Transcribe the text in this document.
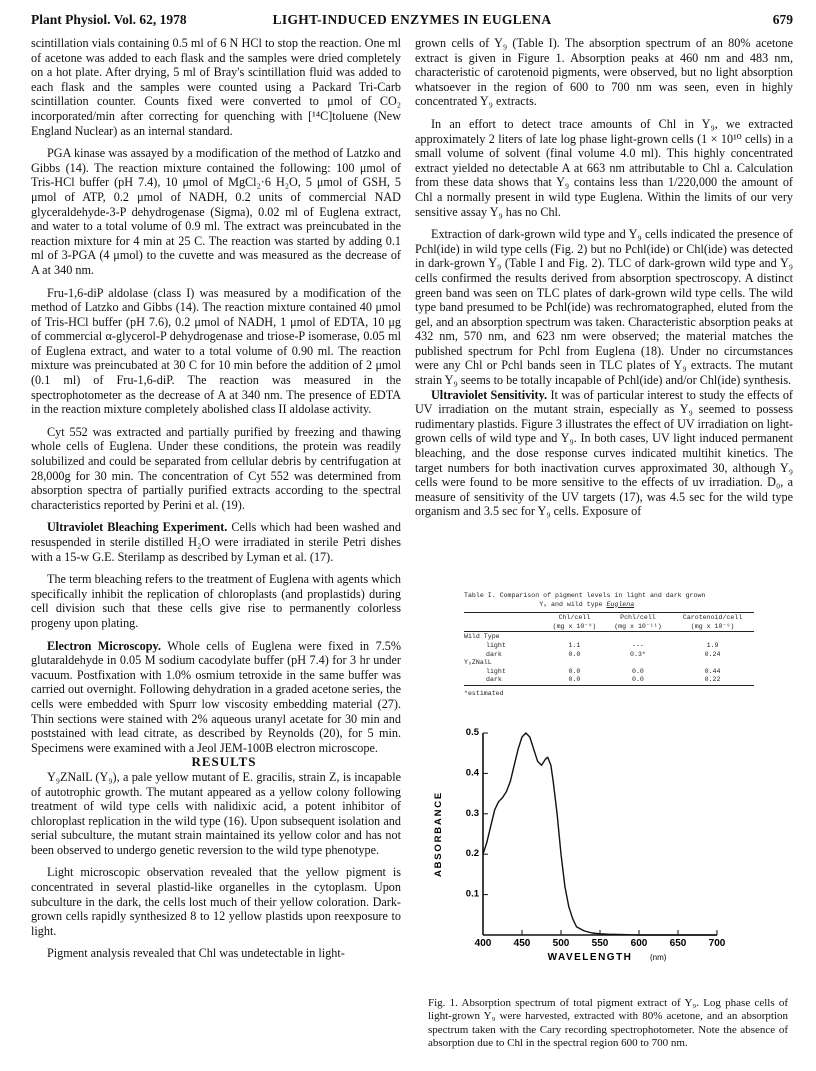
Plant Physiol. Vol. 62, 1978	LIGHT-INDUCED ENZYMES IN EUGLENA	679

scintillation vials containing 0.5 ml of 6 N HCl to stop the reaction. One ml of acetone was added to each flask and the samples were dried completely on a hot plate. After drying, 5 ml of Bray's scintillation fluid was added to each flask and the samples were counted using a Packard Tri-Carb scintillation counter. Counts fixed were converted to μmol of CO₂ incorporated/min after correcting for quenching with [¹⁴C]toluene (New England Nuclear) as an internal standard.

PGA kinase was assayed by a modification of the method of Latzko and Gibbs (14). The reaction mixture contained the following: 100 μmol of Tris-HCl buffer (pH 7.4), 10 μmol of MgCl₂·6 H₂O, 5 μmol of GSH, 5 μmol of ATP, 0.2 μmol of NADH, 0.2 units of commercial NAD glyceraldehyde-3-P dehydrogenase (Sigma), 0.02 ml of Euglena extract, and water to a total volume of 0.9 ml. The extract was preincubated in the reaction mixture for 4 min at 25 C. The reaction was started by adding 0.1 ml of 3-PGA (4 μmol) to the cuvette and was measured as the decrease of A at 340 nm.

Fru-1,6-diP aldolase (class I) was measured by a modification of the method of Latzko and Gibbs (14). The reaction mixture contained 40 μmol of Tris-HCl buffer (pH 7.6), 0.2 μmol of NADH, 1 μmol of EDTA, 10 μg of commercial α-glycerol-P dehydrogenase and triose-P isomerase, 0.05 ml of Euglena extract, and water to a total volume of 0.90 ml. The reaction mixture was preincubated at 30 C for 10 min before the addition of 2 μmol (0.1 ml) of Fru-1,6-diP. The reaction was measured in the spectrophotometer as the decrease of A at 340 nm. The presence of EDTA in the reaction mixture completely abolished class II aldolase activity.

Cyt 552 was extracted and partially purified by freezing and thawing whole cells of Euglena. Under these conditions, the protein was readily solubilized and could be separated from cellular debris by centrifugation at 28,000g for 30 min. The concentration of Cyt 552 was determined from absorption spectra of partially purified extracts according to the spectral characteristics reported by Perini et al. (19).

Ultraviolet Bleaching Experiment. Cells which had been washed and resuspended in sterile distilled H₂O were irradiated in sterile Petri dishes with a 15-w G.E. Sterilamp as described by Lyman et al. (17).

The term bleaching refers to the treatment of Euglena with agents which specifically inhibit the replication of chloroplasts (and proplastids) during cell division such that these cells give rise to permanently colorless progeny upon plating.

Electron Microscopy. Whole cells of Euglena were fixed in 7.5% glutaraldehyde in 0.05 M sodium cacodylate buffer (pH 7.4) for 3 hr under vacuum. Postfixation with 1.0% osmium tetroxide in the same buffer was carried out overnight. Following dehydration in a graded acetone series, the cells were embedded with Spurr low viscosity embedding material (27). Thin sections were stained with 2% aqueous uranyl acetate for 30 min and poststained with lead citrate, as described by Reynolds (20), for 5 min. Specimens were examined with a Jeol JEM-100B electron microscope.

RESULTS

Y₉ZNalL (Y₉), a pale yellow mutant of E. gracilis, strain Z, is incapable of autotrophic growth. The mutant appeared as a yellow colony following treatment of wild type cells with nalidixic acid, a potent inhibitor of chloroplast replication in the wild type (16). Upon subsequent isolation and serial subculture, the mutant strain maintained its yellow color and has not been observed to undergo genetic reversion to the wild type phenotype.

Light microscopic observation revealed that the yellow pigment is concentrated in several plastid-like organelles in the cytoplasm. Upon subculture in the dark, the cells lost much of their yellow coloration. Dark-grown cells rapidly synthesized 8 to 12 yellow plastids upon reexposure to light.

Pigment analysis revealed that Chl was undetectable in light-

grown cells of Y₉ (Table I). The absorption spectrum of an 80% acetone extract is given in Figure 1. Absorption peaks at 460 nm and 483 nm, characteristic of carotenoid pigments, were observed, but no light absorption whatsoever in the region of 600 to 700 nm was seen, even in highly concentrated Y₉ extracts.

In an effort to detect trace amounts of Chl in Y₉, we extracted approximately 2 liters of late log phase light-grown cells (1 × 10¹⁰ cells) in a small volume of solvent (final volume 4.0 ml). This highly concentrated extract yielded no detectable A at 663 nm attributable to Chl a. Calculation from these data shows that Y₉ contains less than 1/220,000 the amount of Chl a normally present in wild type Euglena. Within the limits of our very sensitive assay Y₉ has no Chl.

Extraction of dark-grown wild type and Y₉ cells indicated the presence of Pchl(ide) in wild type cells (Fig. 2) but no Pchl(ide) or Chl(ide) was detected in dark-grown Y₉ (Table I and Fig. 2). TLC of dark-grown wild type and Y₉ cells confirmed the results derived from absorption spectroscopy. A distinct green band was seen on TLC plates of dark-grown wild type cells. The wild type band presumed to be Pchl(ide) was rechromatographed, eluted from the gel, and an absorption spectrum was taken. Characteristic absorption peaks at 432 nm, 570 nm, and 623 nm were observed; the material matches the published spectrum for Pchl from Euglena (18). Under no circumstances were any Chl or Pchl bands seen in TLC plates of Y₉ extracts. The mutant strain Y₉ seems to be totally incapable of Pchl(ide) and/or Chl(ide) synthesis.

Ultraviolet Sensitivity. It was of particular interest to study the effects of UV irradiation on the mutant strain, especially as Y₉ seemed to possess rudimentary plastids. Figure 3 illustrates the effect of UV irradiation on light-grown cells of wild type and Y₉. In both cases, UV light induced permanent bleaching, and the dose response curves indicated multihit kinetics. The target numbers for both inactivation curves approximated 30, although Y₉ cells were found to be more sensitive to the effects of uv irradiation. D₀, a measure of sensitivity of the UV targets (17), was 4.5 sec for the wild type organism and 3.5 sec for Y₉ cells. Exposure of

Table I. Comparison of pigment levels in light and dark grown
Y₉ and wild type Euglena

	Chl/cell	Pchl/cell	Carotenoid/cell
	(mg x 10⁻⁸)	(mg x 10⁻¹¹)	(mg x 10⁻⁹)

Wild Type			
light	1.1	---	1.9
dark	0.0	0.3*	0.24
Y₉ZNalL			
light	0.0	0.0	0.44
dark	0.0	0.0	0.22

*estimated
400 450 500 550 600 650 700
0.1
0.2
0.3
0.4
0.5
WAVELENGTH (nm)
ABSORBANCE
Fig. 1. Absorption spectrum of total pigment extract of Y₉. Log phase cells of light-grown Y₉ were harvested, extracted with 80% acetone, and an absorption spectrum taken with the Cary recording spectrophotometer. Note the absence of absorption due to Chl in the spectral region 600 to 700 nm.
